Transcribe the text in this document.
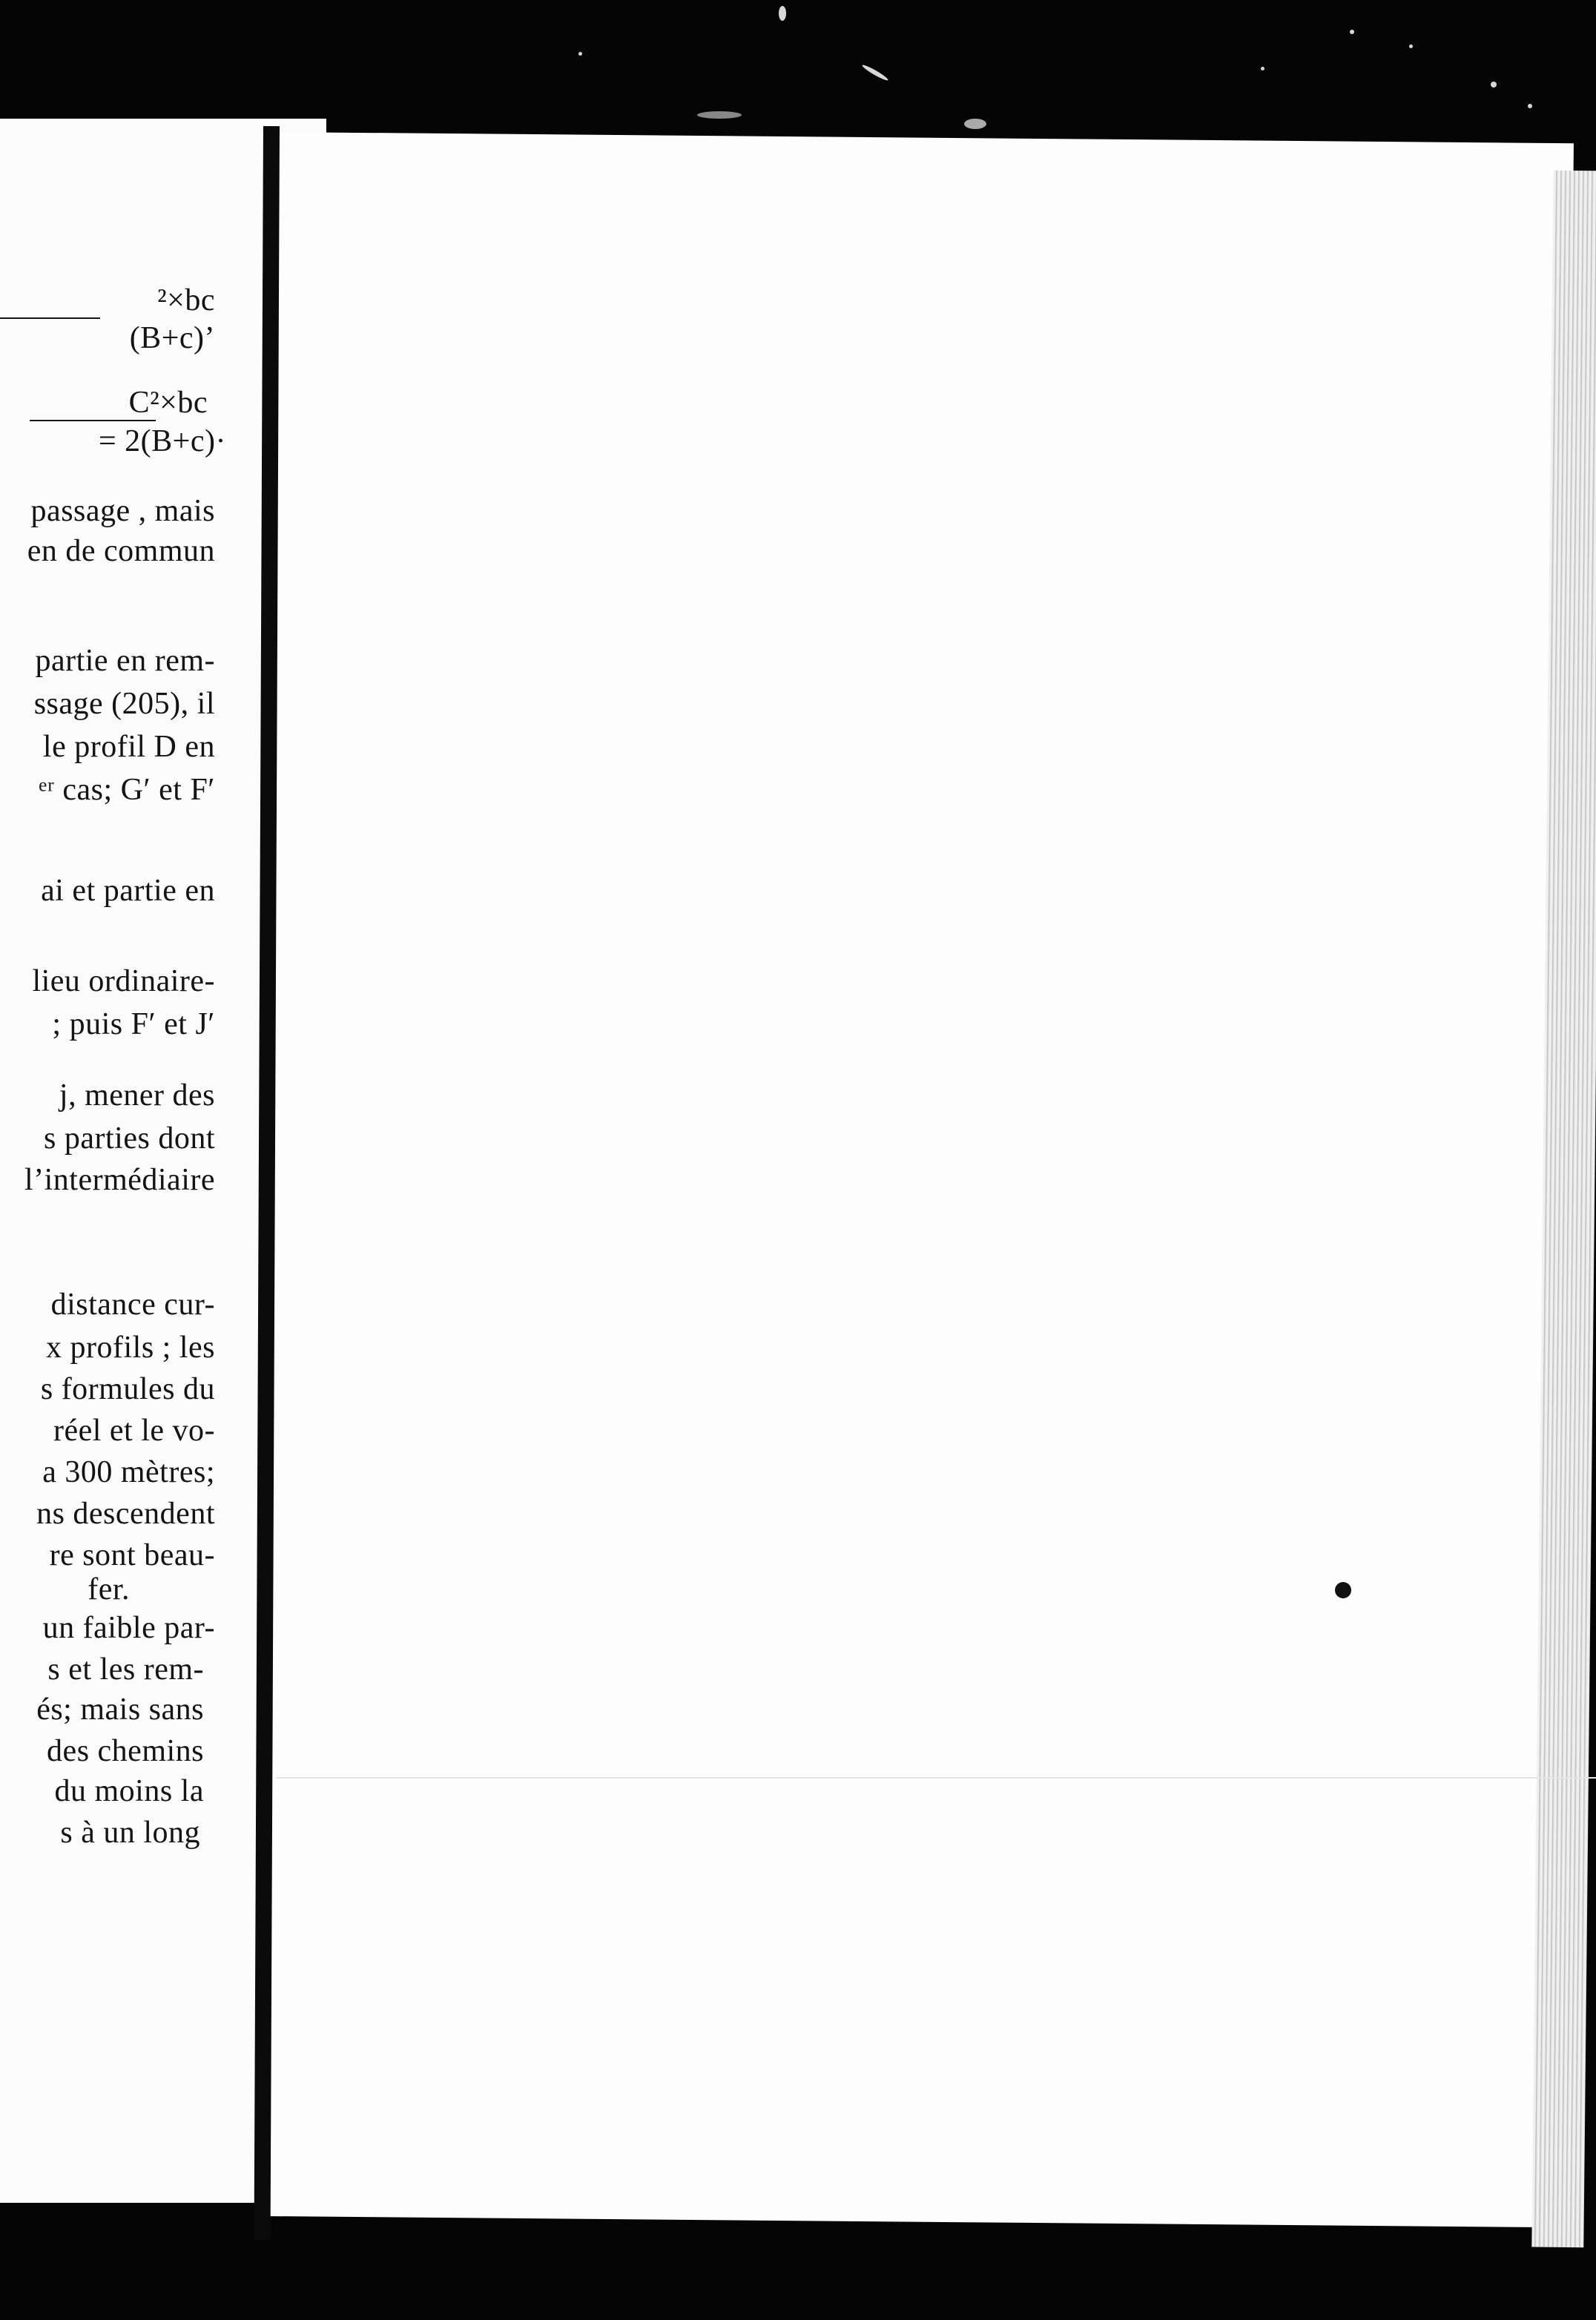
²×bc
(B+c)’
C²×bc
= 2(B+c)·
passage , mais
en de commun
partie en rem-
ssage (205), il
le profil D en
ᵉʳ cas; G′ et F′
ai et partie en
lieu ordinaire-
; puis F′ et J′
j, mener des
s parties dont
l’intermédiaire
distance cur-
x profils ; les
s formules du
réel et le vo-
a 300 mètres;
ns descendent
re sont beau-
fer.
un faible par-
s et les rem-
és; mais sans
des chemins
du moins la
s à un long
